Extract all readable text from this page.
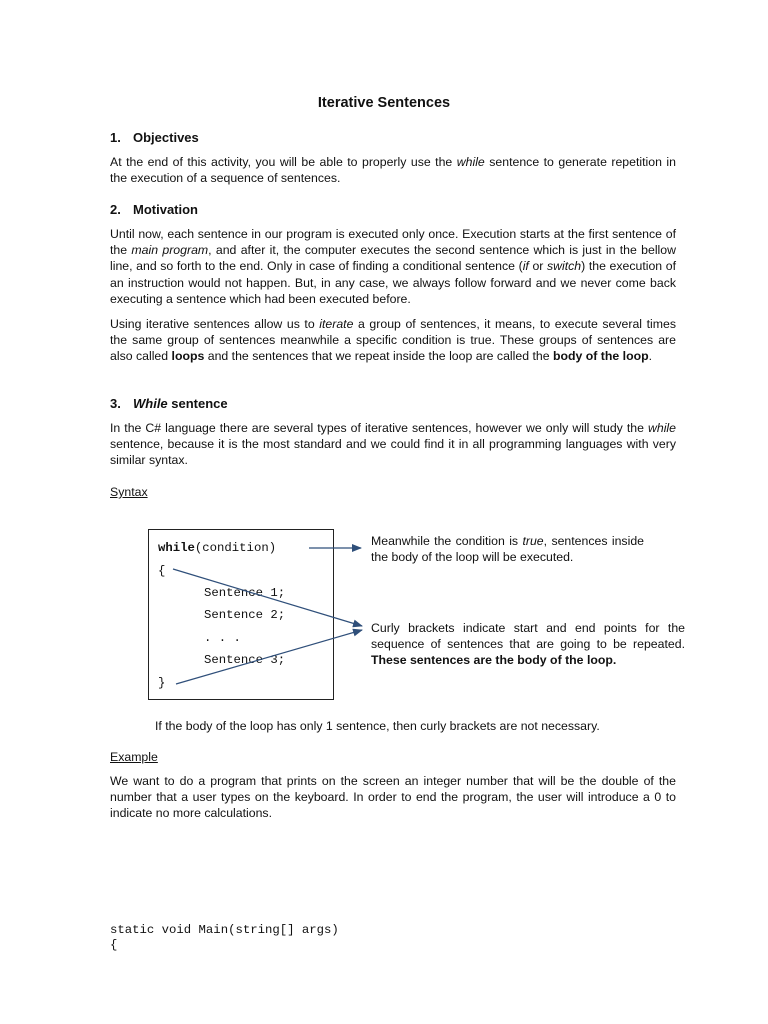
Iterative Sentences
1. Objectives
At the end of this activity, you will be able to properly use the while sentence to generate repetition in the execution of a sequence of sentences.
2. Motivation
Until now, each sentence in our program is executed only once. Execution starts at the first sentence of the main program, and after it, the computer executes the second sentence which is just in the bellow line, and so forth to the end. Only in case of finding a conditional sentence (if or switch) the execution of an instruction would not happen. But, in any case, we always follow forward and we never come back executing a sentence which had been executed before.
Using iterative sentences allow us to iterate a group of sentences, it means, to execute several times the same group of sentences meanwhile a specific condition is true. These groups of sentences are also called loops and the sentences that we repeat inside the loop are called the body of the loop.
3. While sentence
In the C# language there are several types of iterative sentences, however we only will study the while sentence, because it is the most standard and we could find it in all programming languages with very similar syntax.
Syntax
while(condition)
{
Sentence 1;
Sentence 2;
. . .
Sentence 3;
}
Meanwhile the condition is true, sentences inside the body of the loop will be executed.
Curly brackets indicate start and end points for the sequence of sentences that are going to be repeated. These sentences are the body of the loop.
If the body of the loop has only 1 sentence, then curly brackets are not necessary.
Example
We want to do a program that prints on the screen an integer number that will be the double of the number that a user types on the keyboard. In order to end the program, the user will introduce a 0 to indicate no more calculations.
static void Main(string[] args)
{
